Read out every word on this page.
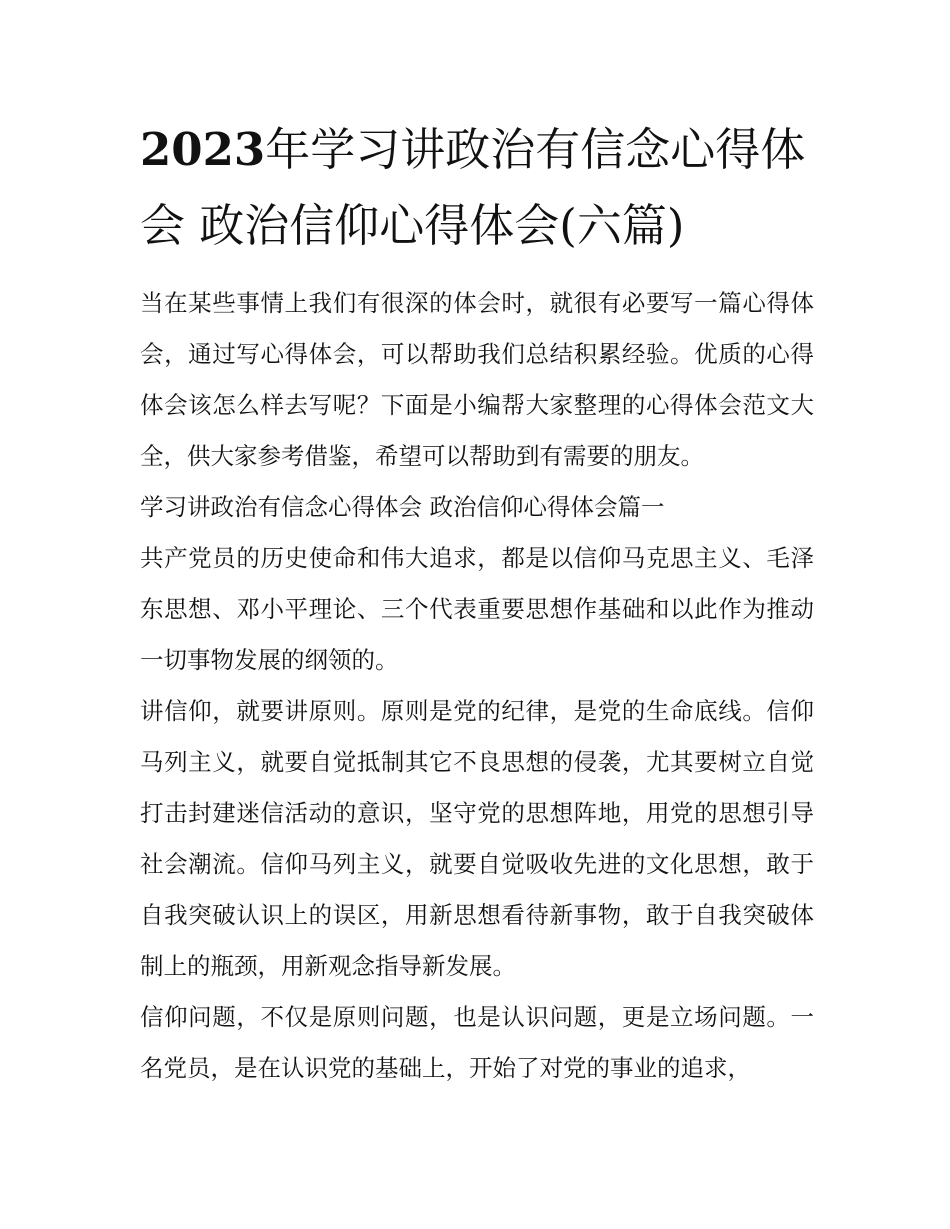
2023年学习讲政治有信念心得体会 政治信仰心得体会(六篇)

当在某些事情上我们有很深的体会时，就很有必要写一篇心得体会，通过写心得体会，可以帮助我们总结积累经验。优质的心得体会该怎么样去写呢？下面是小编帮大家整理的心得体会范文大全，供大家参考借鉴，希望可以帮助到有需要的朋友。

学习讲政治有信念心得体会 政治信仰心得体会篇一

共产党员的历史使命和伟大追求，都是以信仰马克思主义、毛泽东思想、邓小平理论、三个代表重要思想作基础和以此作为推动一切事物发展的纲领的。

讲信仰，就要讲原则。原则是党的纪律，是党的生命底线。信仰马列主义，就要自觉抵制其它不良思想的侵袭，尤其要树立自觉打击封建迷信活动的意识，坚守党的思想阵地，用党的思想引导社会潮流。信仰马列主义，就要自觉吸收先进的文化思想，敢于自我突破认识上的误区，用新思想看待新事物，敢于自我突破体制上的瓶颈，用新观念指导新发展。

信仰问题，不仅是原则问题，也是认识问题，更是立场问题。一名党员，是在认识党的基础上，开始了对党的事业的追求，
